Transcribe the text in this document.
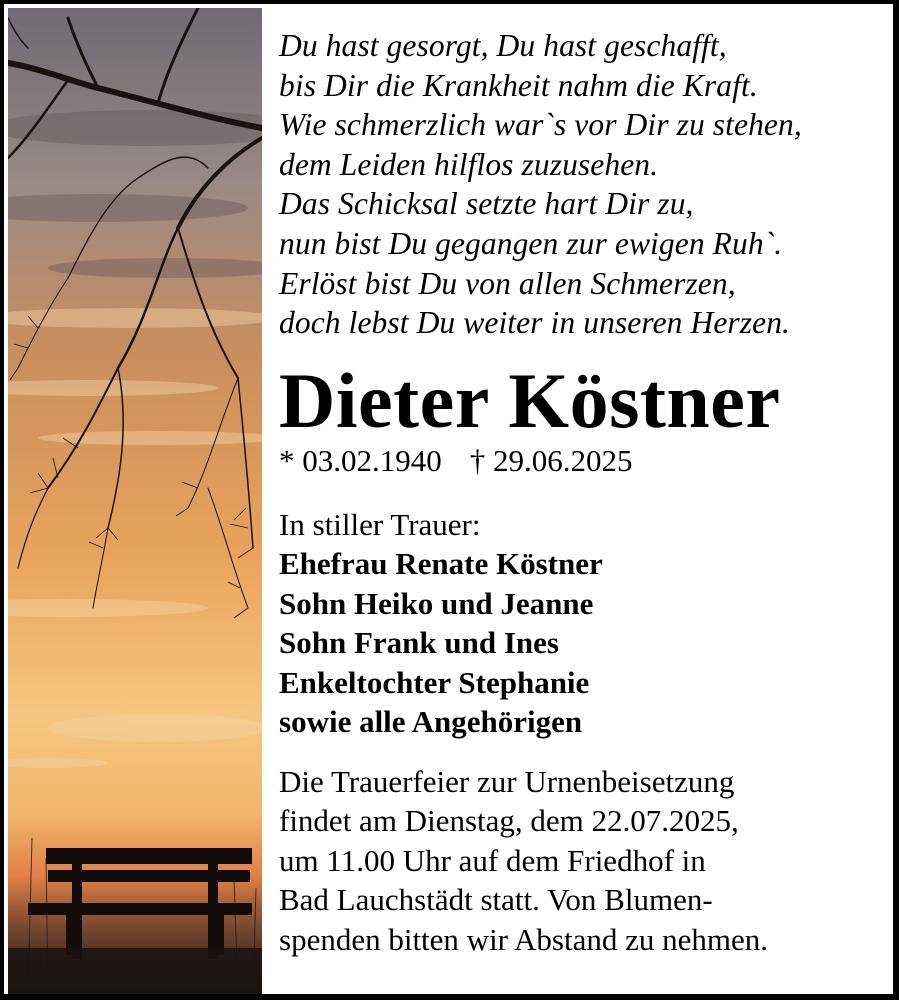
Du hast gesorgt, Du hast geschafft,
bis Dir die Krankheit nahm die Kraft.
Wie schmerzlich war`s vor Dir zu stehen,
dem Leiden hilflos zuzusehen.
Das Schicksal setzte hart Dir zu,
nun bist Du gegangen zur ewigen Ruh`.
Erlöst bist Du von allen Schmerzen,
doch lebst Du weiter in unseren Herzen.
Dieter Köstner
* 03.02.1940 † 29.06.2025
In stiller Trauer:
Ehefrau Renate Köstner
Sohn Heiko und Jeanne
Sohn Frank und Ines
Enkeltochter Stephanie
sowie alle Angehörigen
Die Trauerfeier zur Urnenbeisetzung
findet am Dienstag, dem 22.07.2025,
um 11.00 Uhr auf dem Friedhof in
Bad Lauchstädt statt. Von Blumen-
spenden bitten wir Abstand zu nehmen.
